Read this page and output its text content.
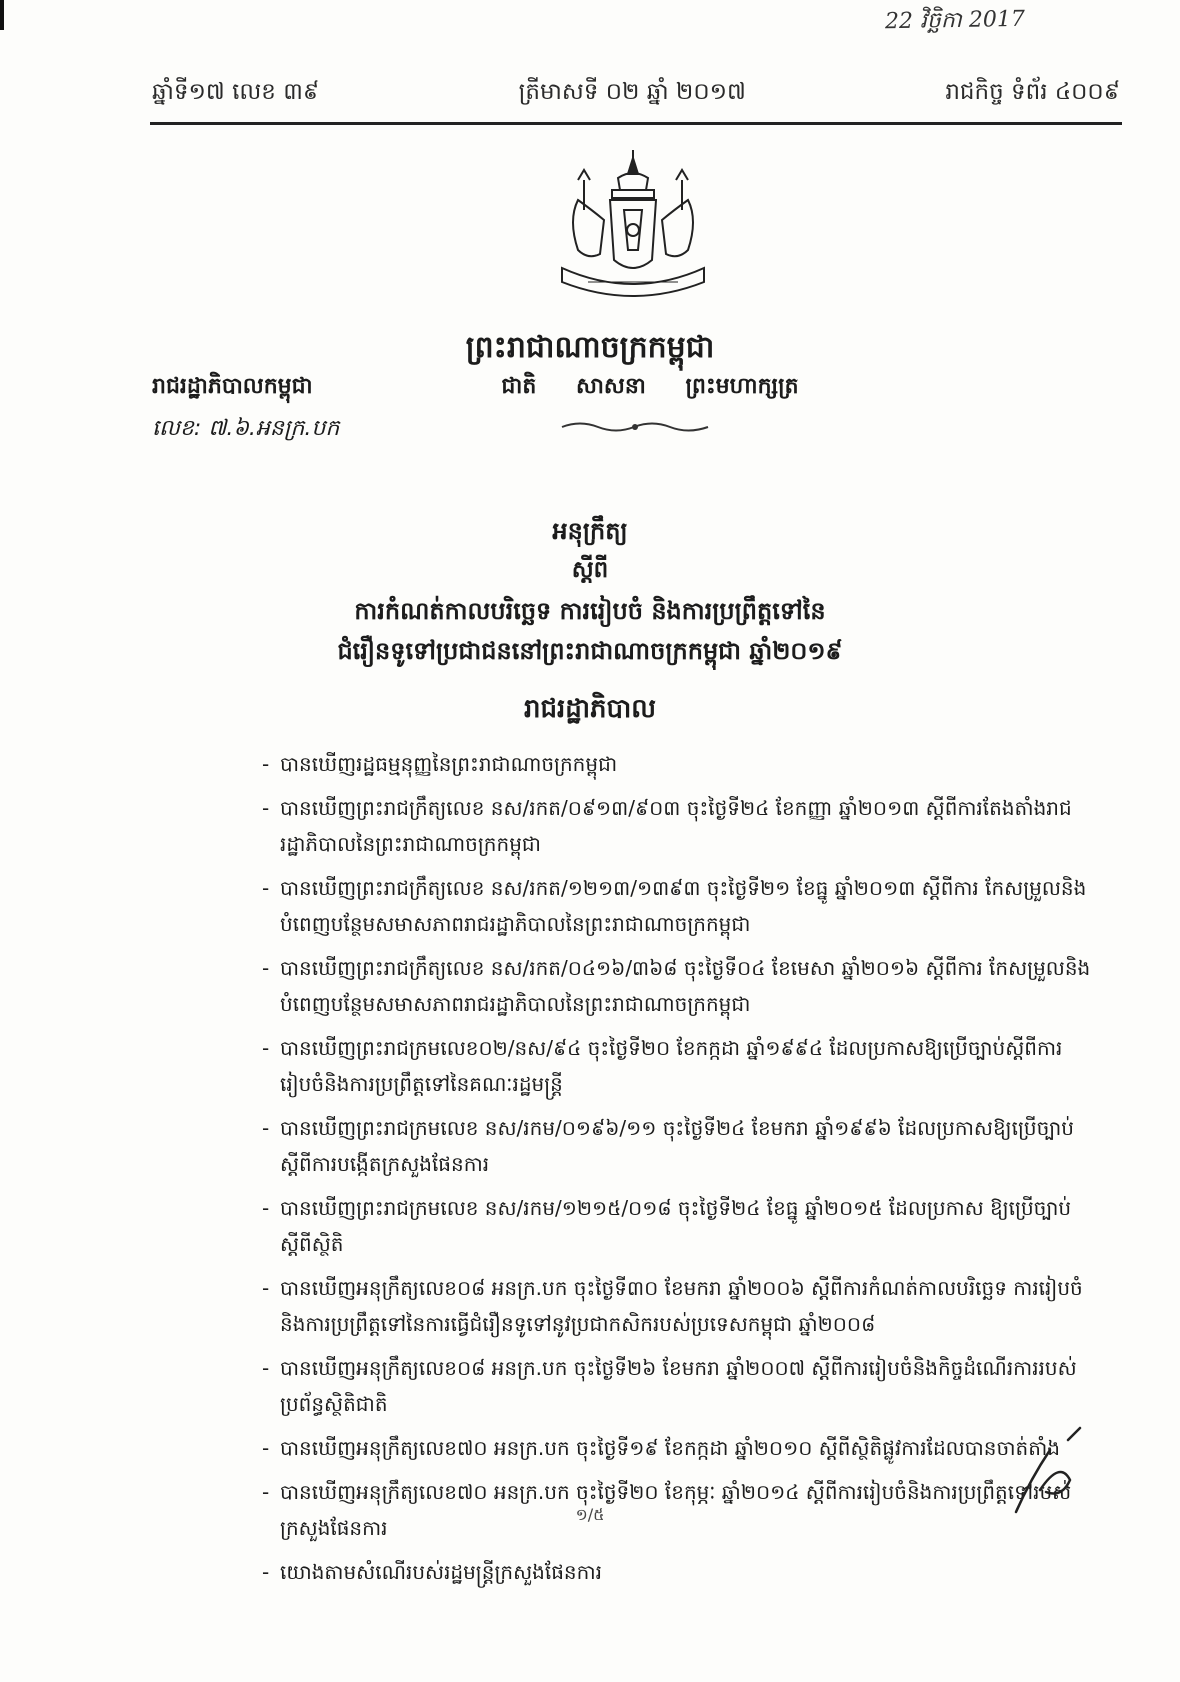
22 វិច្ឆិកា 2017
ឆ្នាំទី១៧ លេខ ៣៩	ត្រីមាសទី ០២ ឆ្នាំ ២០១៧	រាជកិច្ច ទំព័រ ៤០០៩
ព្រះរាជាណាចក្រកម្ពុជា
រាជរដ្ឋាភិបាលកម្ពុជា	ជាតិ សាសនា ព្រះមហាក្សត្រ
លេខ: ៧.៦.អនក្រ.បក
អនុក្រឹត្យ
ស្តីពី
ការកំណត់កាលបរិច្ឆេទ ការរៀបចំ និងការប្រព្រឹត្តទៅនៃ
ជំរឿនទូទៅប្រជាជននៅព្រះរាជាណាចក្រកម្ពុជា ឆ្នាំ២០១៩
រាជរដ្ឋាភិបាល
- បានឃើញរដ្ឋធម្មនុញ្ញនៃព្រះរាជាណាចក្រកម្ពុជា
- បានឃើញព្រះរាជក្រឹត្យលេខ នស/រកត/០៩១៣/៩០៣ ចុះថ្ងៃទី២៤ ខែកញ្ញា ឆ្នាំ២០១៣ ស្តីពីការតែងតាំងរាជរដ្ឋាភិបាលនៃព្រះរាជាណាចក្រកម្ពុជា
- បានឃើញព្រះរាជក្រឹត្យលេខ នស/រកត/១២១៣/១៣៩៣ ចុះថ្ងៃទី២១ ខែធ្នូ ឆ្នាំ២០១៣ ស្តីពីការ កែសម្រួលនិងបំពេញបន្ថែមសមាសភាពរាជរដ្ឋាភិបាលនៃព្រះរាជាណាចក្រកម្ពុជា
- បានឃើញព្រះរាជក្រឹត្យលេខ នស/រកត/០៤១៦/៣៦៨ ចុះថ្ងៃទី០៤ ខែមេសា ឆ្នាំ២០១៦ ស្តីពីការ កែសម្រួលនិងបំពេញបន្ថែមសមាសភាពរាជរដ្ឋាភិបាលនៃព្រះរាជាណាចក្រកម្ពុជា
- បានឃើញព្រះរាជក្រមលេខ០២/នស/៩៤ ចុះថ្ងៃទី២០ ខែកក្កដា ឆ្នាំ១៩៩៤ ដែលប្រកាសឱ្យប្រើច្បាប់ស្តីពីការរៀបចំនិងការប្រព្រឹត្តទៅនៃគណៈរដ្ឋមន្ត្រី
- បានឃើញព្រះរាជក្រមលេខ នស/រកម/០១៩៦/១១ ចុះថ្ងៃទី២៤ ខែមករា ឆ្នាំ១៩៩៦ ដែលប្រកាសឱ្យប្រើច្បាប់ស្តីពីការបង្កើតក្រសួងផែនការ
- បានឃើញព្រះរាជក្រមលេខ នស/រកម/១២១៥/០១៨ ចុះថ្ងៃទី២៤ ខែធ្នូ ឆ្នាំ២០១៥ ដែលប្រកាស ឱ្យប្រើច្បាប់ស្តីពីស្ថិតិ
- បានឃើញអនុក្រឹត្យលេខ០៨ អនក្រ.បក ចុះថ្ងៃទី៣០ ខែមករា ឆ្នាំ២០០៦ ស្តីពីការកំណត់កាលបរិច្ឆេទ ការរៀបចំ និងការប្រព្រឹត្តទៅនៃការធ្វើជំរឿនទូទៅនូវប្រជាកសិករបស់ប្រទេសកម្ពុជា ឆ្នាំ២០០៨
- បានឃើញអនុក្រឹត្យលេខ០៨ អនក្រ.បក ចុះថ្ងៃទី២៦ ខែមករា ឆ្នាំ២០០៧ ស្តីពីការរៀបចំនិងកិច្ចដំណើរការរបស់ប្រព័ន្ធស្ថិតិជាតិ
- បានឃើញអនុក្រឹត្យលេខ៧០ អនក្រ.បក ចុះថ្ងៃទី១៩ ខែកក្កដា ឆ្នាំ២០១០ ស្តីពីស្ថិតិផ្លូវការដែលបានចាត់តាំង
- បានឃើញអនុក្រឹត្យលេខ៧០ អនក្រ.បក ចុះថ្ងៃទី២០ ខែកុម្ភៈ ឆ្នាំ២០១៤ ស្តីពីការរៀបចំនិងការប្រព្រឹត្តទៅរបស់ក្រសួងផែនការ
- យោងតាមសំណើរបស់រដ្ឋមន្ត្រីក្រសួងផែនការ
១/៥
